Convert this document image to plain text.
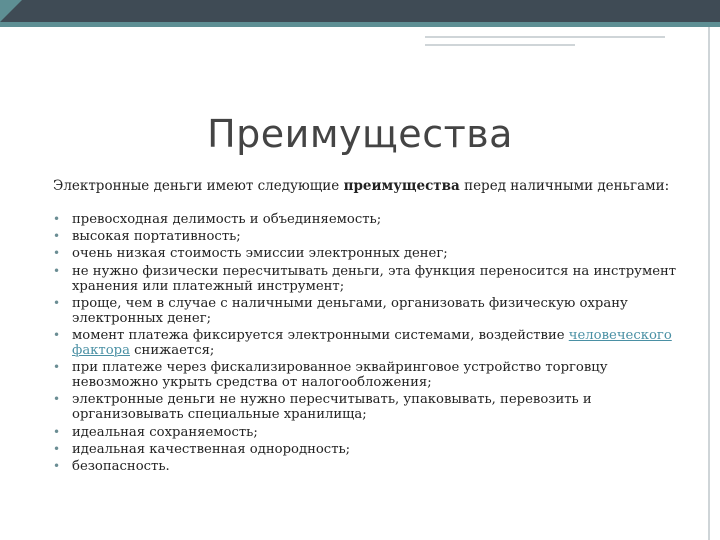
Преимущества
Электронные деньги имеют следующие преимущества перед наличными деньгами:
• превосходная делимость и объединяемость;
• высокая портативность;
• очень низкая стоимость эмиссии электронных денег;
• не нужно физически пересчитывать деньги, эта функция переносится на инструмент хранения или платежный инструмент;
• проще, чем в случае с наличными деньгами, организовать физическую охрану электронных денег;
• момент платежа фиксируется электронными системами, воздействие человеческого фактора снижается;
• при платеже через фискализированное эквайринговое устройство торговцу невозможно укрыть средства от налогообложения;
• электронные деньги не нужно пересчитывать, упаковывать, перевозить и организовывать специальные хранилища;
• идеальная сохраняемость;
• идеальная качественная однородность;
• безопасность.
